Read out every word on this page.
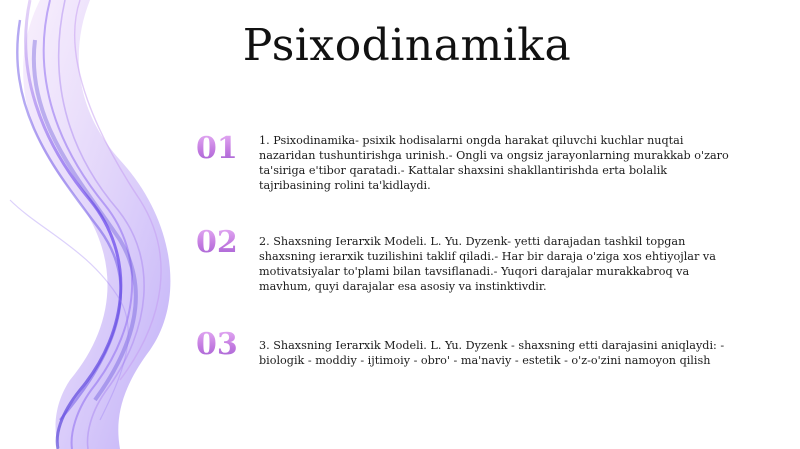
Psixodinamika
01 1. Psixodinamika- psixik hodisalarni ongda harakat qiluvchi kuchlar nuqtai nazaridan tushuntirishga urinish.- Ongli va ongsiz jarayonlarning murakkab o'zaro ta'siriga e'tibor qaratadi.- Kattalar shaxsini shakllantirishda erta bolalik tajribasining rolini ta'kidlaydi.
02 2. Shaxsning Ierarxik Modeli. L. Yu. Dyzenk- yetti darajadan tashkil topgan shaxsning ierarxik tuzilishini taklif qiladi.- Har bir daraja o'ziga xos ehtiyojlar va motivatsiyalar to'plami bilan tavsiflanadi.- Yuqori darajalar murakkabroq va mavhum, quyi darajalar esa asosiy va instinktivdir.
03 3. Shaxsning Ierarxik Modeli. L. Yu. Dyzenk - shaxsning etti darajasini aniqlaydi: - biologik - moddiy - ijtimoiy - obro' - ma'naviy - estetik - o'z-o'zini namoyon qilish
